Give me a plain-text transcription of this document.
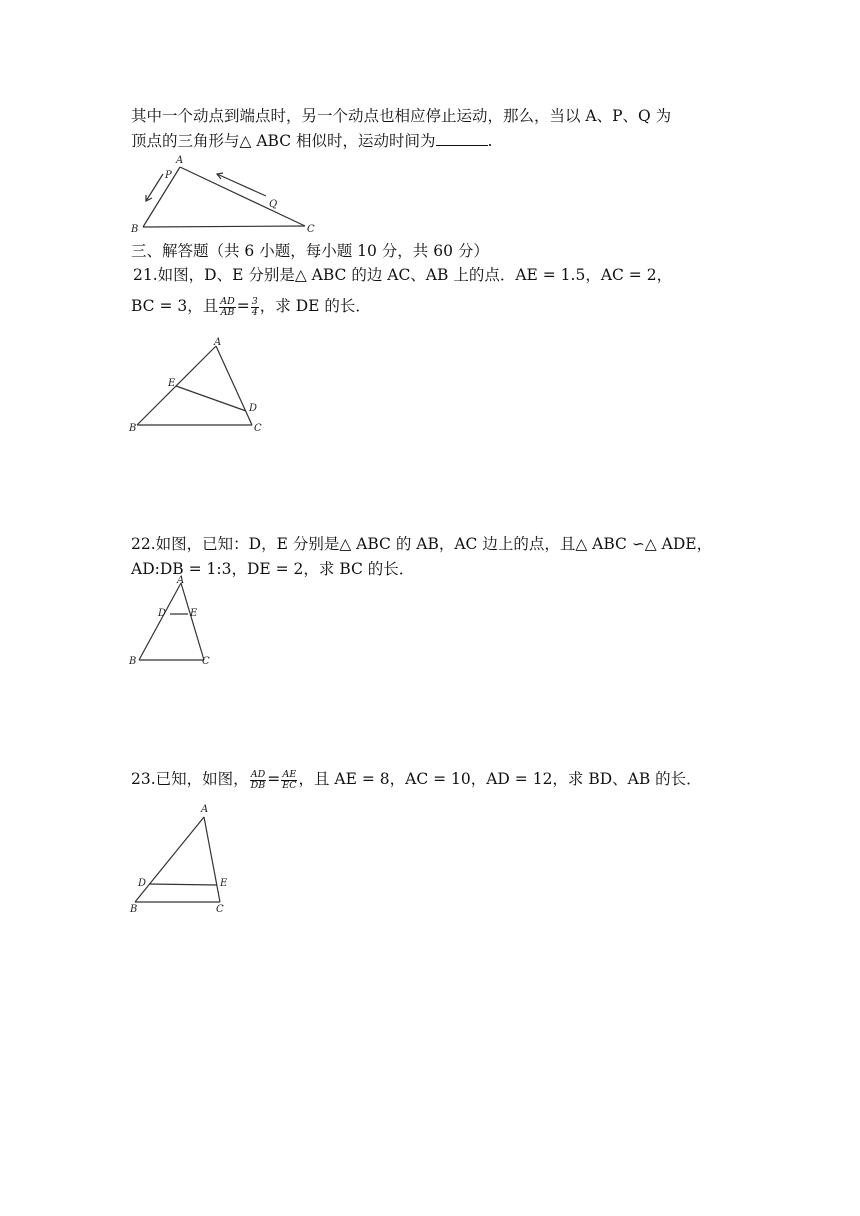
其中一个动点到端点时，另一个动点也相应停止运动，那么，当以 A、P、Q 为
顶点的三角形与△ ABC 相似时，运动时间为	.
A
P
Q
B	C
三、解答题（共 6 小题，每小题 10 分，共 60 分）
21.如图，D、E 分别是△ ABC 的边 AC、AB 上的点．AE = 1.5，AC = 2，
BC = 3，且 $\frac{AD}{AB} = \frac{3}{4}$ ，求 DE 的长．
A
E
D
B	C
22.如图，已知：D，E 分别是△ ABC 的 AB，AC 边上的点，且△ ABC ∽△ ADE，
AD:DB = 1:3，DE = 2，求 BC 的长．
A
D E
B	C
23.已知，如图， $\frac{AD}{DB} = \frac{AE}{EC}$ ，且 AE = 8，AC = 10，AD = 12，求 BD、AB 的长．
A
D	E
B	C
